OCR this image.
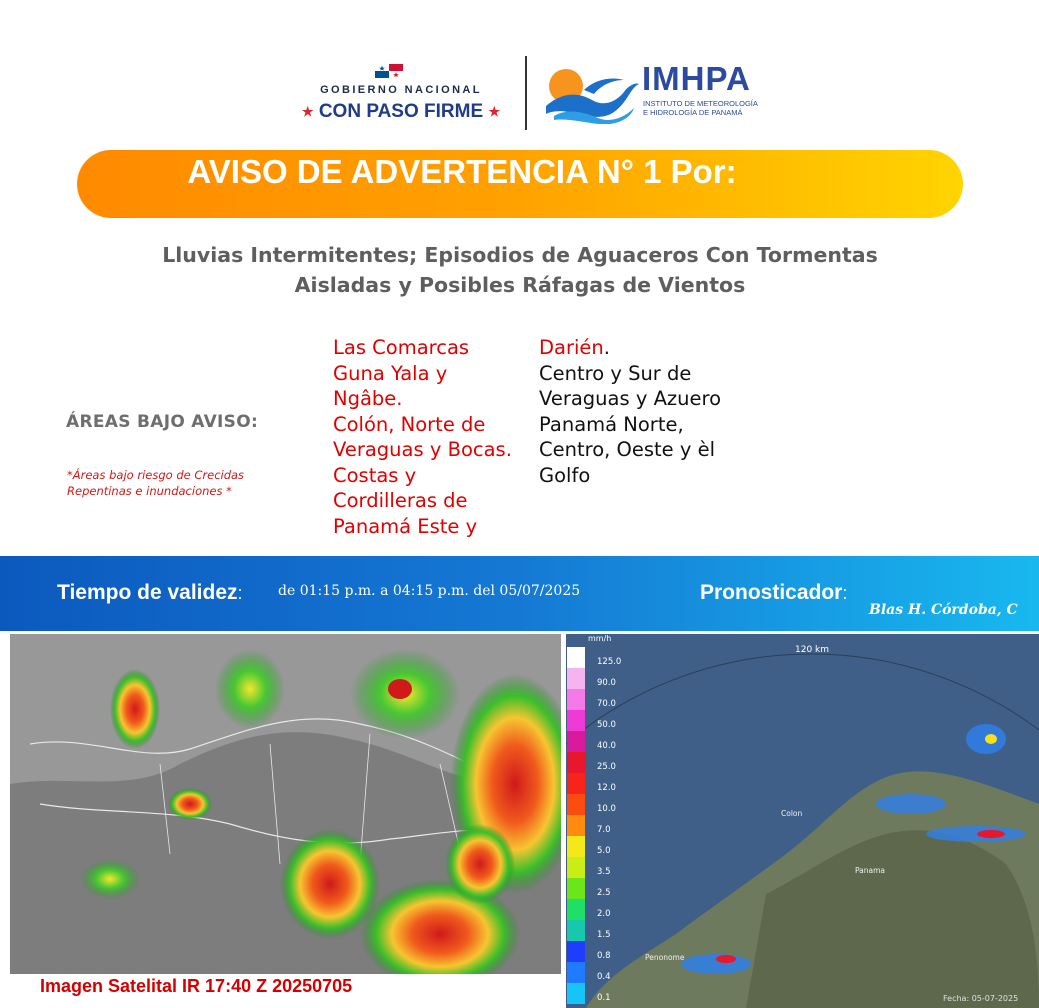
GOBIERNO NACIONAL
★ CON PASO FIRME ★
IMHPA
INSTITUTO DE METEOROLOGÍA
E HIDROLOGÍA DE PANAMÁ
AVISO DE ADVERTENCIA N° 1 Por:
Lluvias Intermitentes; Episodios de Aguaceros Con Tormentas
Aisladas y Posibles Ráfagas de Vientos
ÁREAS BAJO AVISO:
*Áreas bajo riesgo de Crecidas
Repentinas e inundaciones *
Las Comarcas
Guna Yala y
Ngâbe.
Colón, Norte de
Veraguas y Bocas.
Costas y
Cordilleras de
Panamá Este y
Darién.
Centro y Sur de
Veraguas y Azuero
Panamá Norte,
Centro, Oeste y èl
Golfo
Tiempo de validez:	de 01:15 p.m. a 04:15 p.m. del 05/07/2025	Pronosticador:
Blas H. Córdoba, C
Imagen Satelital IR 17:40 Z 20250705
mm/h
120 km
Colon
Panama
Penonome
Fecha: 05-07-2025
125.0
90.0
70.0
50.0
40.0
25.0
12.0
10.0
7.0
5.0
3.5
2.5
2.0
1.5
0.8
0.4
0.1
